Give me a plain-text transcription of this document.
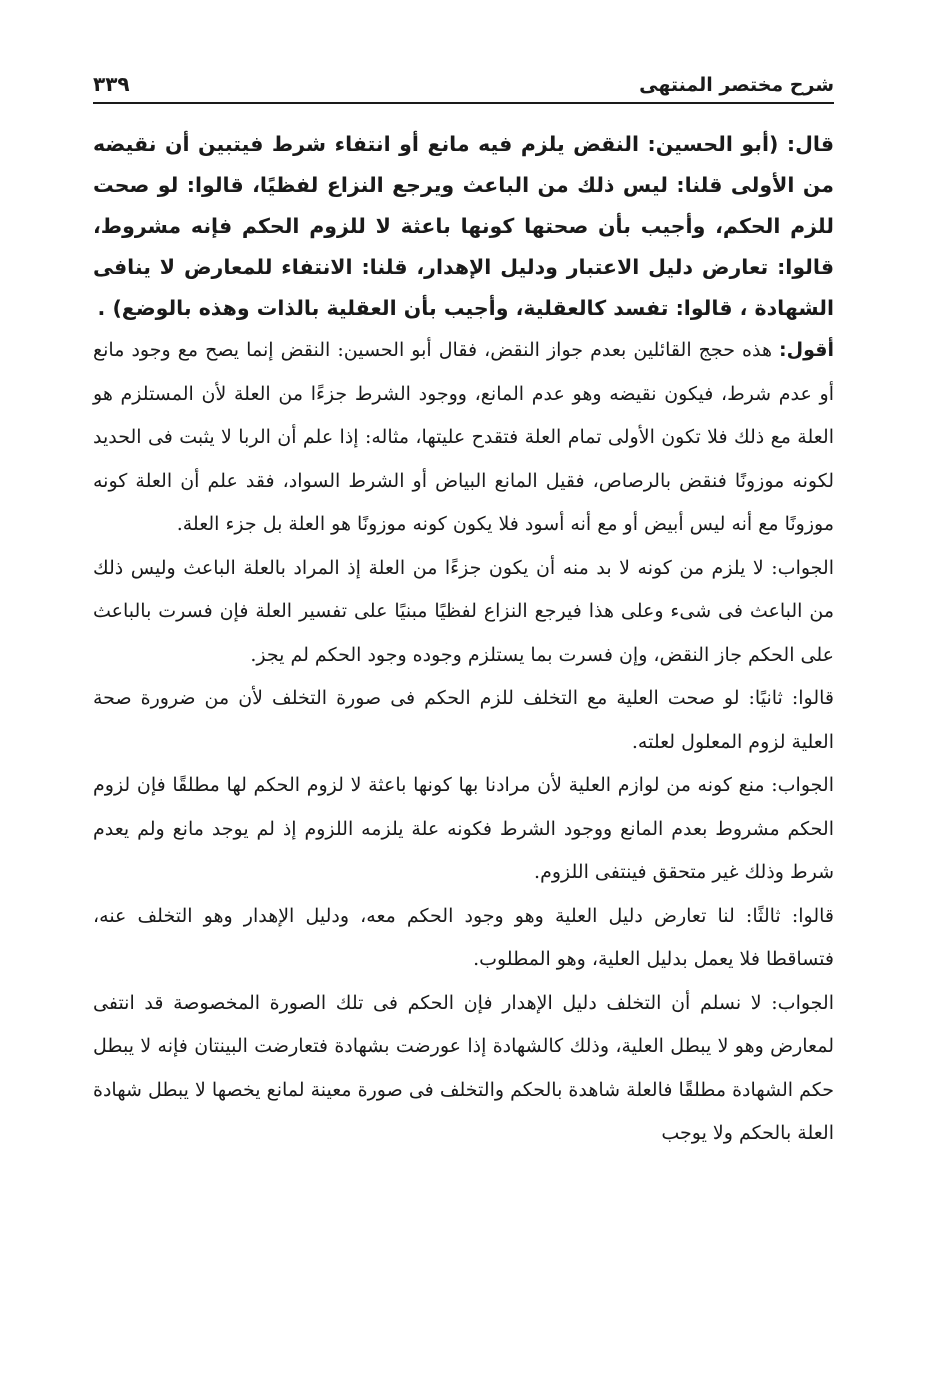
شرح مختصر المنتهى
٣٣٩

قال: (أبو الحسين: النقض يلزم فيه مانع أو انتفاء شرط فيتبين أن نقيضه من الأولى قلنا: ليس ذلك من الباعث ويرجع النزاع لفظيًا، قالوا: لو صحت للزم الحكم، وأجيب بأن صحتها كونها باعثة لا للزوم الحكم فإنه مشروط، قالوا: تعارض دليل الاعتبار ودليل الإهدار، قلنا: الانتفاء للمعارض لا ينافى الشهادة ، قالوا: تفسد كالعقلية، وأجيب بأن العقلية بالذات وهذه بالوضع) .

أقول: هذه حجج القائلين بعدم جواز النقض، فقال أبو الحسين: النقض إنما يصح مع وجود مانع أو عدم شرط، فيكون نقيضه وهو عدم المانع، ووجود الشرط جزءًا من العلة لأن المستلزم هو العلة مع ذلك فلا تكون الأولى تمام العلة فتقدح عليتها، مثاله: إذا علم أن الربا لا يثبت فى الحديد لكونه موزونًا فنقض بالرصاص، فقيل المانع البياض أو الشرط السواد، فقد علم أن العلة كونه موزونًا مع أنه ليس أبيض أو مع أنه أسود فلا يكون كونه موزونًا هو العلة بل جزء العلة.

الجواب: لا يلزم من كونه لا بد منه أن يكون جزءًا من العلة إذ المراد بالعلة الباعث وليس ذلك من الباعث فى شىء وعلى هذا فيرجع النزاع لفظيًا مبنيًا على تفسير العلة فإن فسرت بالباعث على الحكم جاز النقض، وإن فسرت بما يستلزم وجوده وجود الحكم لم يجز.

قالوا: ثانيًا: لو صحت العلية مع التخلف للزم الحكم فى صورة التخلف لأن من ضرورة صحة العلية لزوم المعلول لعلته.

الجواب: منع كونه من لوازم العلية لأن مرادنا بها كونها باعثة لا لزوم الحكم لها مطلقًا فإن لزوم الحكم مشروط بعدم المانع ووجود الشرط فكونه علة يلزمه اللزوم إذ لم يوجد مانع ولم يعدم شرط وذلك غير متحقق فينتفى اللزوم.

قالوا: ثالثًا: لنا تعارض دليل العلية وهو وجود الحكم معه، ودليل الإهدار وهو التخلف عنه، فتساقطا فلا يعمل بدليل العلية، وهو المطلوب.

الجواب: لا نسلم أن التخلف دليل الإهدار فإن الحكم فى تلك الصورة المخصوصة قد انتفى لمعارض وهو لا يبطل العلية، وذلك كالشهادة إذا عورضت بشهادة فتعارضت البينتان فإنه لا يبطل حكم الشهادة مطلقًا فالعلة شاهدة بالحكم والتخلف فى صورة معينة لمانع يخصها لا يبطل شهادة العلة بالحكم ولا يوجب
